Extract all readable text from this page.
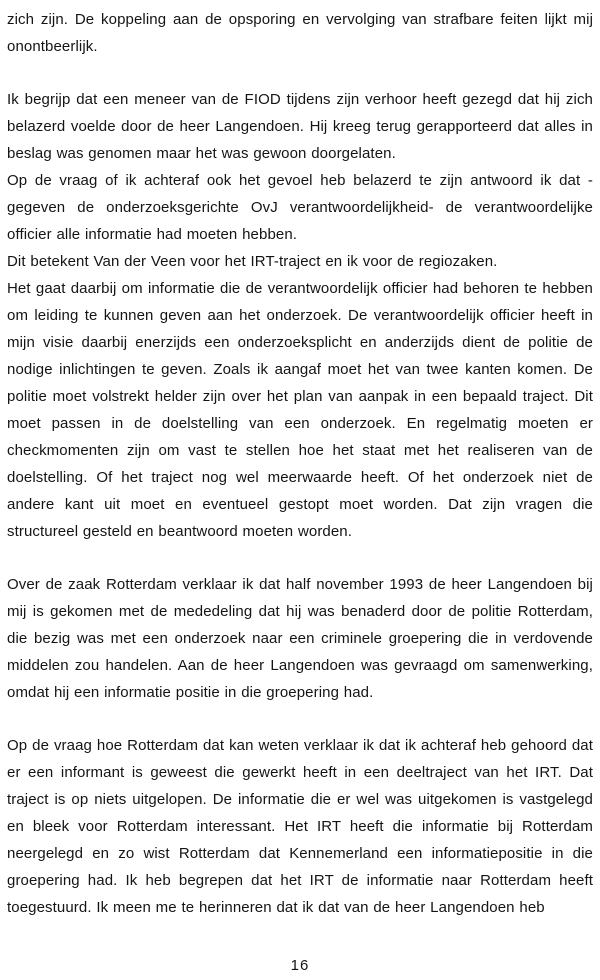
zich zijn. De koppeling aan de opsporing en vervolging van strafbare feiten lijkt mij onontbeerlijk.

Ik begrijp dat een meneer van de FIOD tijdens zijn verhoor heeft gezegd dat hij zich belazerd voelde door de heer Langendoen. Hij kreeg terug gerapporteerd dat alles in beslag was genomen maar het was gewoon doorgelaten.

Op de vraag of ik achteraf ook het gevoel heb belazerd te zijn antwoord ik dat - gegeven de onderzoeksgerichte OvJ verantwoordelijkheid- de verantwoordelijke officier alle informatie had moeten hebben.

Dit betekent Van der Veen voor het IRT-traject en ik voor de regiozaken.

Het gaat daarbij om informatie die de verantwoordelijk officier had behoren te hebben om leiding te kunnen geven aan het onderzoek. De verantwoordelijk officier heeft in mijn visie daarbij enerzijds een onderzoeksplicht en anderzijds dient de politie de nodige inlichtingen te geven. Zoals ik aangaf moet het van twee kanten komen. De politie moet volstrekt helder zijn over het plan van aanpak in een bepaald traject. Dit moet passen in de doelstelling van een onderzoek. En regelmatig moeten er checkmomenten zijn om vast te stellen hoe het staat met het realiseren van de doelstelling. Of het traject nog wel meerwaarde heeft. Of het onderzoek niet de andere kant uit moet en eventueel gestopt moet worden. Dat zijn vragen die structureel gesteld en beantwoord moeten worden.

Over de zaak Rotterdam verklaar ik dat half november 1993 de heer Langendoen bij mij is gekomen met de mededeling dat hij was benaderd door de politie Rotterdam, die bezig was met een onderzoek naar een criminele groepering die in verdovende middelen zou handelen. Aan de heer Langendoen was gevraagd om samenwerking, omdat hij een informatie positie in die groepering had.

Op de vraag hoe Rotterdam dat kan weten verklaar ik dat ik achteraf heb gehoord dat er een informant is geweest die gewerkt heeft in een deeltraject van het IRT. Dat traject is op niets uitgelopen. De informatie die er wel was uitgekomen is vastgelegd en bleek voor Rotterdam interessant. Het IRT heeft die informatie bij Rotterdam neergelegd en zo wist Rotterdam dat Kennemerland een informatiepositie in die groepering had. Ik heb begrepen dat het IRT de informatie naar Rotterdam heeft toegestuurd. Ik meen me te herinneren dat ik dat van de heer Langendoen heb

16
